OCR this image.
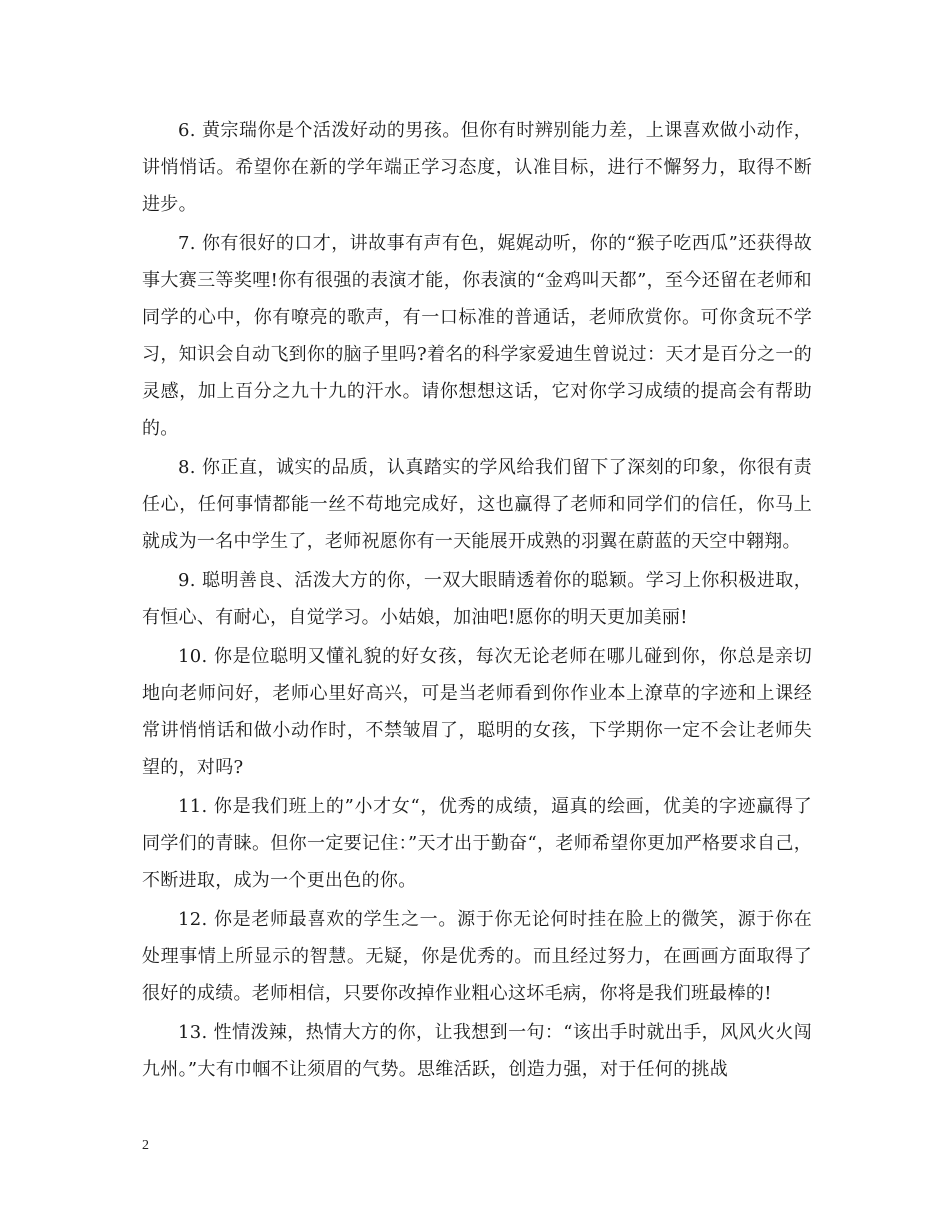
6. 黄宗瑞你是个活泼好动的男孩。但你有时辨别能力差，上课喜欢做小动作，讲悄悄话。希望你在新的学年端正学习态度，认准目标，进行不懈努力，取得不断进步。

7. 你有很好的口才，讲故事有声有色，娓娓动听，你的“猴子吃西瓜”还获得故事大赛三等奖哩!你有很强的表演才能，你表演的“金鸡叫天都”，至今还留在老师和同学的心中，你有嘹亮的歌声，有一口标准的普通话，老师欣赏你。可你贪玩不学习，知识会自动飞到你的脑子里吗?着名的科学家爱迪生曾说过：天才是百分之一的灵感，加上百分之九十九的汗水。请你想想这话，它对你学习成绩的提高会有帮助的。

8. 你正直，诚实的品质，认真踏实的学风给我们留下了深刻的印象，你很有责任心，任何事情都能一丝不苟地完成好，这也赢得了老师和同学们的信任，你马上就成为一名中学生了，老师祝愿你有一天能展开成熟的羽翼在蔚蓝的天空中翱翔。

9. 聪明善良、活泼大方的你，一双大眼睛透着你的聪颖。学习上你积极进取，有恒心、有耐心，自觉学习。小姑娘，加油吧!愿你的明天更加美丽!

10. 你是位聪明又懂礼貌的好女孩，每次无论老师在哪儿碰到你，你总是亲切地向老师问好，老师心里好高兴，可是当老师看到你作业本上潦草的字迹和上课经常讲悄悄话和做小动作时，不禁皱眉了，聪明的女孩，下学期你一定不会让老师失望的，对吗?

11. 你是我们班上的”小才女“，优秀的成绩，逼真的绘画，优美的字迹赢得了同学们的青睐。但你一定要记住：”天才出于勤奋“，老师希望你更加严格要求自己，不断进取，成为一个更出色的你。

12. 你是老师最喜欢的学生之一。源于你无论何时挂在脸上的微笑，源于你在处理事情上所显示的智慧。无疑，你是优秀的。而且经过努力，在画画方面取得了很好的成绩。老师相信，只要你改掉作业粗心这坏毛病，你将是我们班最棒的!

13. 性情泼辣，热情大方的你，让我想到一句：“该出手时就出手，风风火火闯九州。”大有巾帼不让须眉的气势。思维活跃，创造力强，对于任何的挑战

2
